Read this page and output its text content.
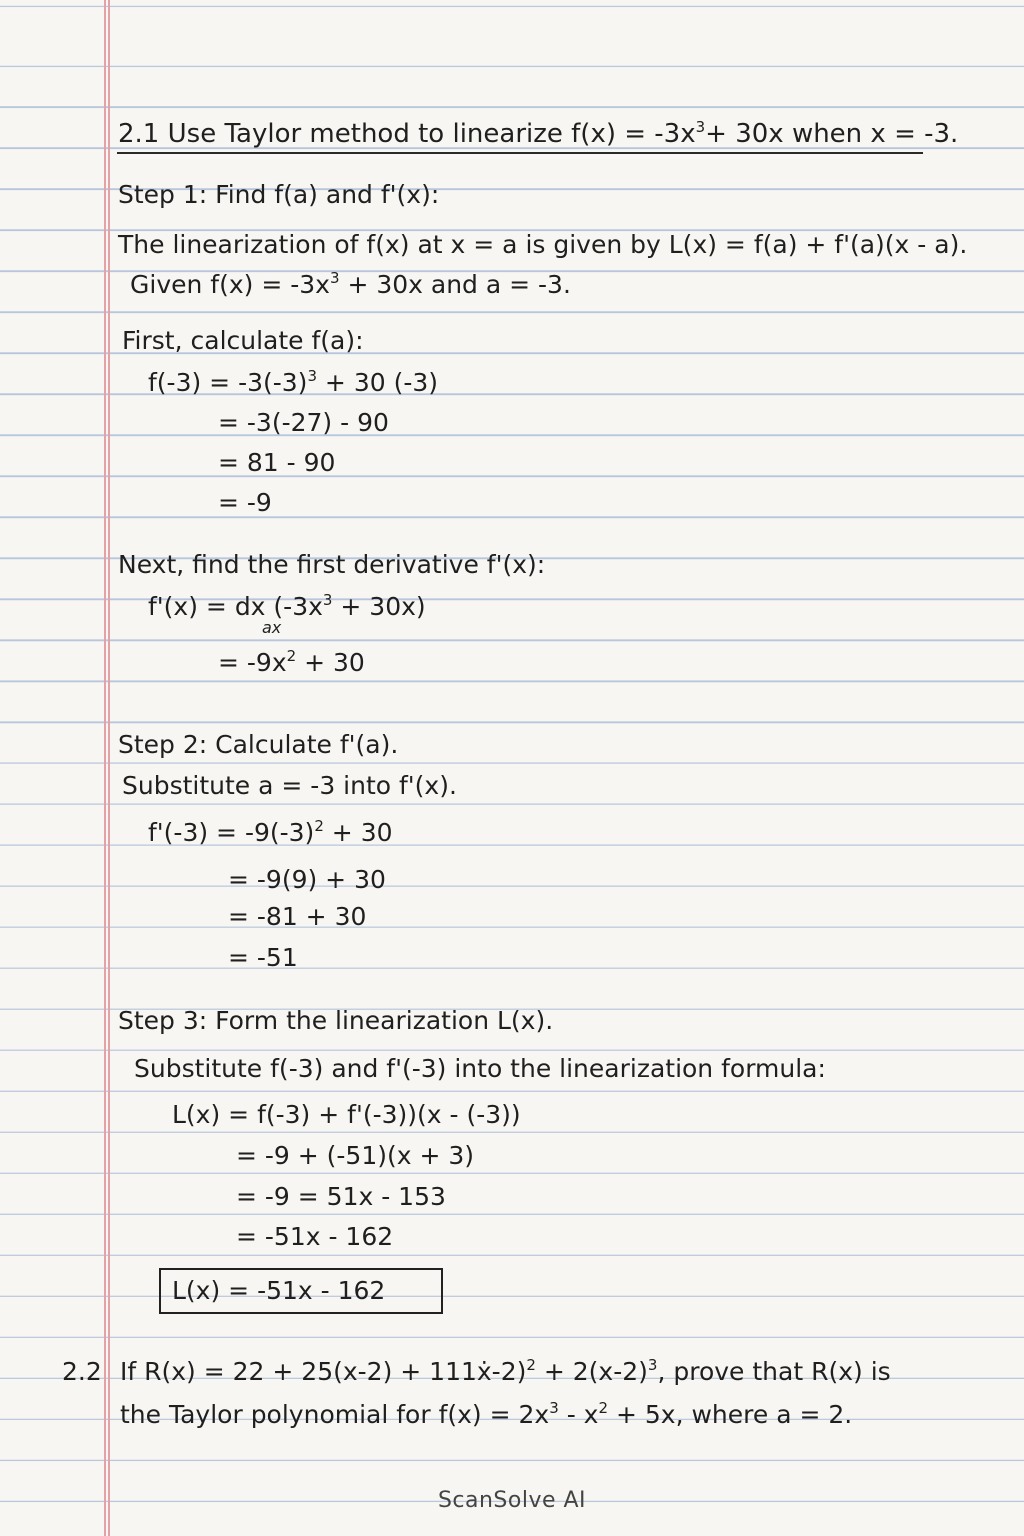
2.1 Use Taylor method to linearize $f(x) = -3x^3+ 30x$ when x = -3.
Step 1: Find f(a) and f'(x):
The linearization of f(x) at x = a is given by L(x) = f(a) + f'(a)(x - a).
Given $f(x) = -3x^3 + 30x$ and a = -3.
First, calculate f(a):
$f(-3) = -3(-3)^3 + 30$ (-3)
= -3(-27) - 90
= 81 - 90
= -9
Next, find the first derivative f'(x):
f'(x) = dx $(-3x^3 + 30x)$
ax
= $-9x^2 + 30$
Step 2: Calculate f'(a).
Substitute a = -3 into f'(x).
$f'(-3) = -9(-3)^2 + 30$
= -9(9) + 30
= -81 + 30
= -51
Step 3: Form the linearization L(x).
Substitute f(-3) and f'(-3) into the linearization formula:
L(x) = f(-3) + f'(-3))(x - (-3))
= -9 + (-51)(x + 3)
= -9 = 51x - 153
= -51x - 162
L(x) = -51x - 162
2.2 If R(x) = 22 + 25(x-2) + 111ẋ-2)$^2$ + $2(x-2)^3$, prove that R(x) is
the Taylor polynomial for $f(x) = 2x^3 - x^2 + 5x$, where a = 2.
ScanSolve AI
